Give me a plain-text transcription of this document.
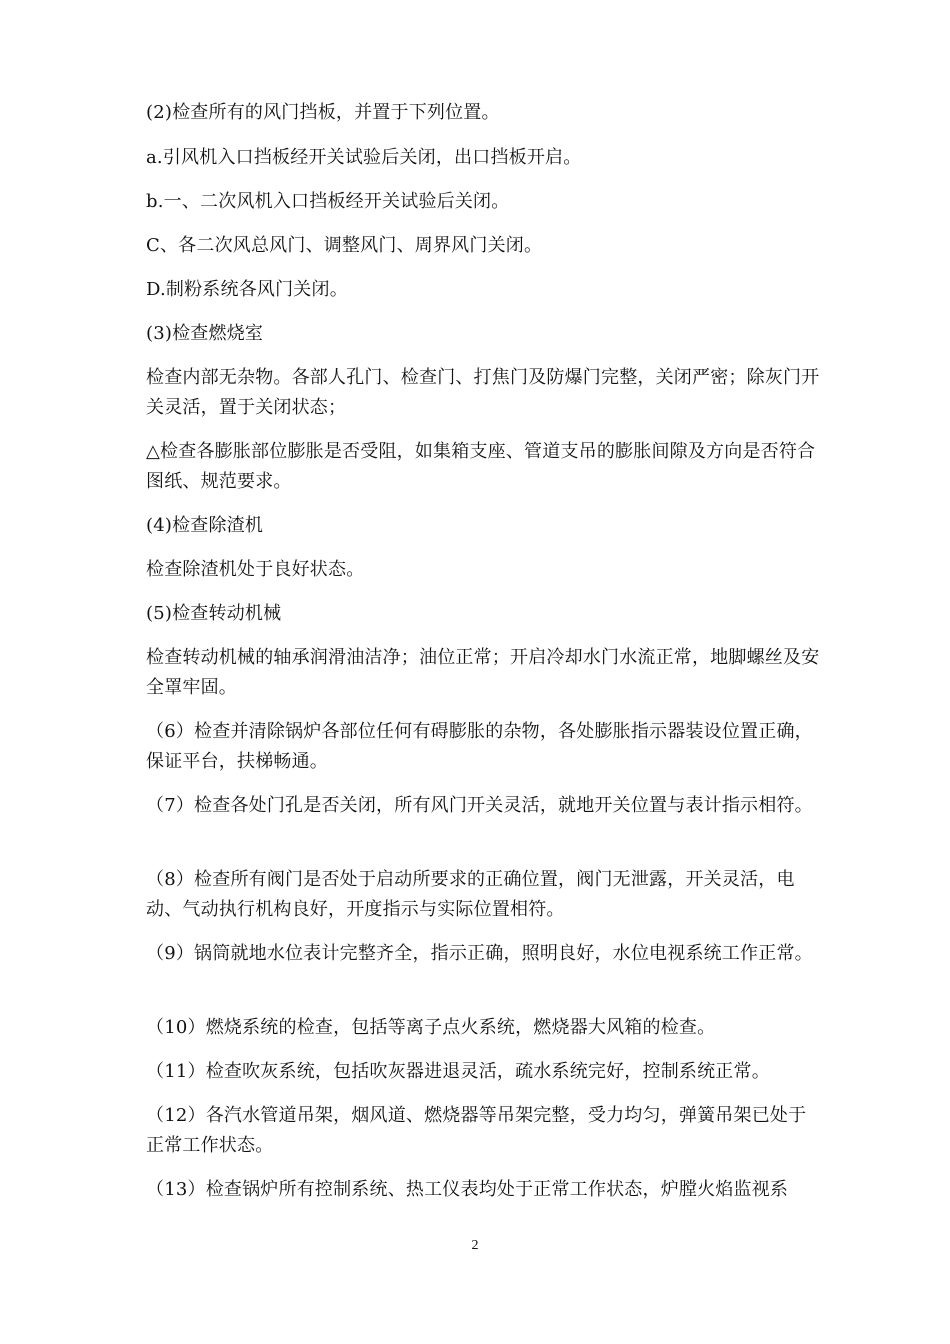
(2)检查所有的风门挡板，并置于下列位置。

a.引风机入口挡板经开关试验后关闭，出口挡板开启。

b.一、二次风机入口挡板经开关试验后关闭。

C、各二次风总风门、调整风门、周界风门关闭。

D.制粉系统各风门关闭。

(3)检查燃烧室

检查内部无杂物。各部人孔门、检查门、打焦门及防爆门完整，关闭严密；除灰门开关灵活，置于关闭状态；

△检查各膨胀部位膨胀是否受阻，如集箱支座、管道支吊的膨胀间隙及方向是否符合图纸、规范要求。

(4)检查除渣机

检查除渣机处于良好状态。

(5)检查转动机械

检查转动机械的轴承润滑油洁净；油位正常；开启冷却水门水流正常，地脚螺丝及安全罩牢固。

（6）检查并清除锅炉各部位任何有碍膨胀的杂物，各处膨胀指示器装设位置正确，保证平台，扶梯畅通。

（7）检查各处门孔是否关闭，所有风门开关灵活，就地开关位置与表计指示相符。

（8）检查所有阀门是否处于启动所要求的正确位置，阀门无泄露，开关灵活，电动、气动执行机构良好，开度指示与实际位置相符。

（9）锅筒就地水位表计完整齐全，指示正确，照明良好，水位电视系统工作正常。

（10）燃烧系统的检查，包括等离子点火系统，燃烧器大风箱的检查。

（11）检查吹灰系统，包括吹灰器进退灵活，疏水系统完好，控制系统正常。

（12）各汽水管道吊架，烟风道、燃烧器等吊架完整，受力均匀，弹簧吊架已处于正常工作状态。

（13）检查锅炉所有控制系统、热工仪表均处于正常工作状态，炉膛火焰监视系

2
